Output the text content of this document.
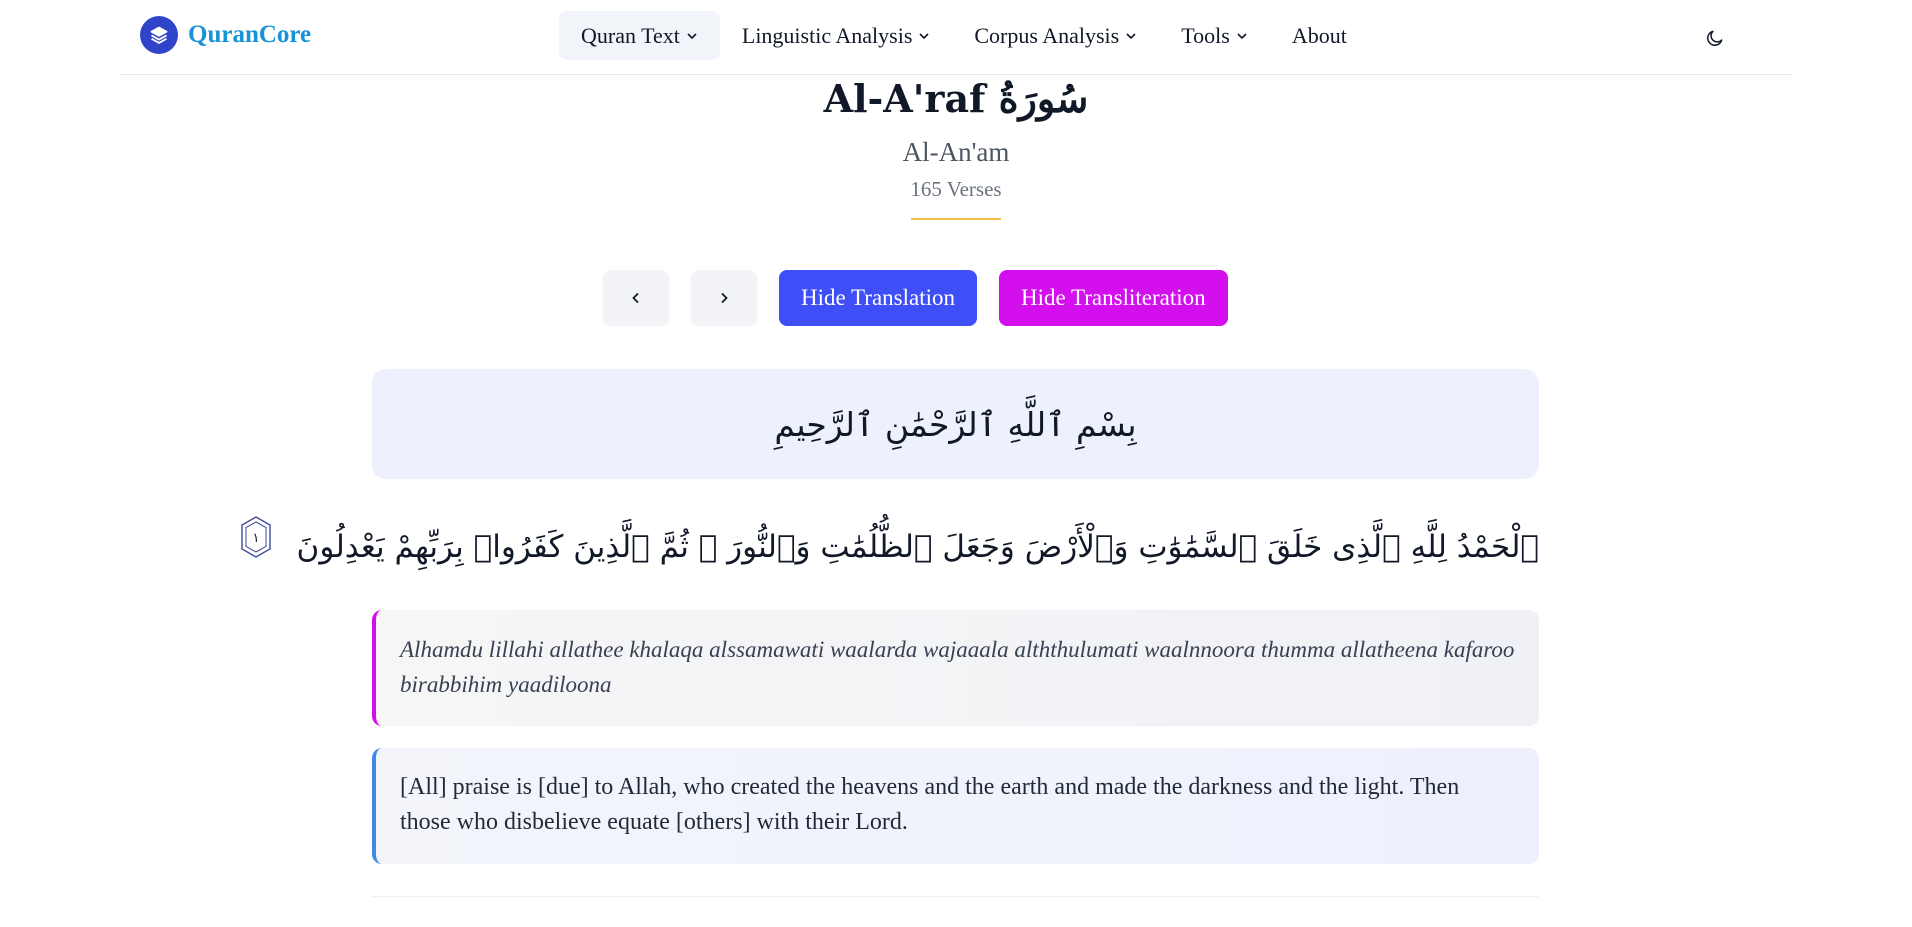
QuranCore	Quran Text	Linguistic Analysis	Corpus Analysis	Tools	About
Al-A'raf سُورَةُ
Al-An'am
165 Verses
Hide Translation	Hide Transliteration
بِسْمِ ٱللَّهِ ٱلرَّحْمَٰنِ ٱلرَّحِيمِ
ٱلْحَمْدُ لِلَّهِ ٱلَّذِى خَلَقَ ٱلسَّمَٰوَٰتِ وَٱلْأَرْضَ وَجَعَلَ ٱلظُّلُمَٰتِ وَٱلنُّورَ ۖ ثُمَّ ٱلَّذِينَ كَفَرُوا۟ بِرَبِّهِمْ يَعْدِلُونَ
١

Alhamdu lillahi allathee khalaqa alssamawati waalarda wajaaala alththulumati waalnnoora thumma allatheena kafaroo birabbihim yaadiloona

[All] praise is [due] to Allah, who created the heavens and the earth and made the darkness and the light. Then those who disbelieve equate [others] with their Lord.
